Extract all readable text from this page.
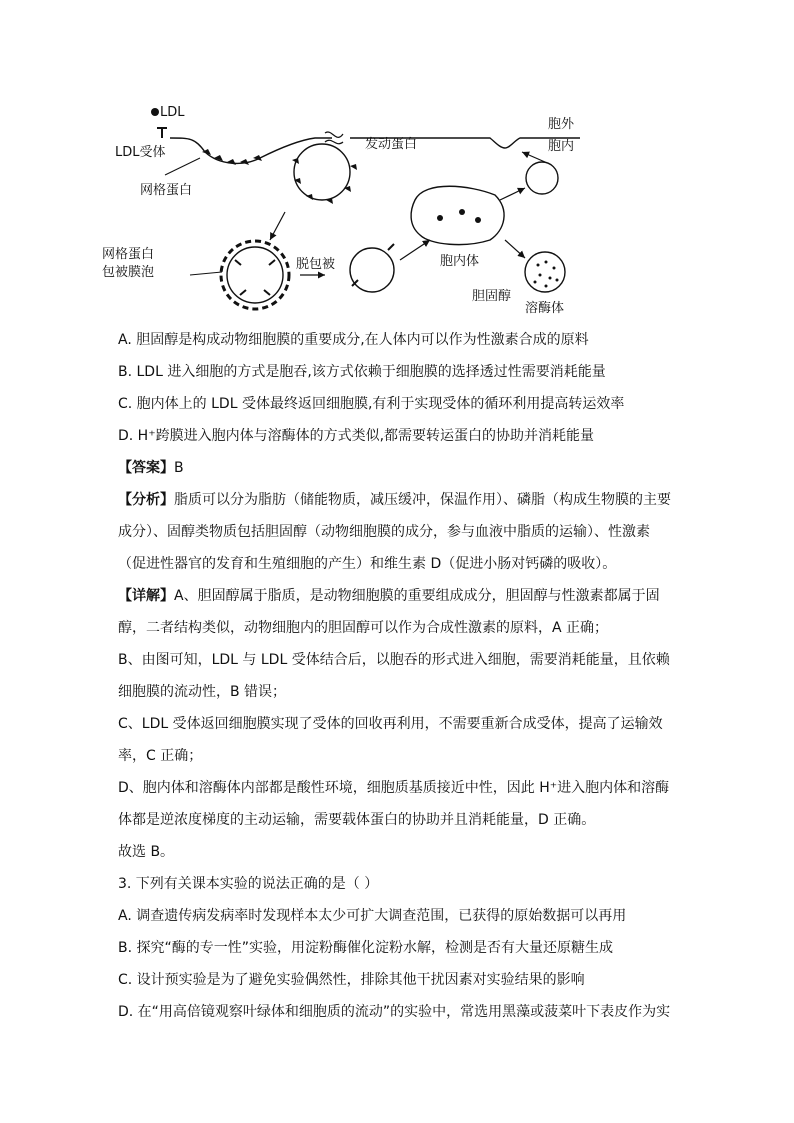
LDL
LDL受体
网格蛋白
发动蛋白
胞外
胞内
网格蛋白
包被膜泡
脱包被	胞内体
胆固醇
溶酶体
A. 胆固醇是构成动物细胞膜的重要成分,在人体内可以作为性激素合成的原料
B. LDL 进入细胞的方式是胞吞,该方式依赖于细胞膜的选择透过性需要消耗能量
C. 胞内体上的 LDL 受体最终返回细胞膜,有利于实现受体的循环利用提高转运效率
D. H⁺跨膜进入胞内体与溶酶体的方式类似,都需要转运蛋白的协助并消耗能量
【答案】B
【分析】脂质可以分为脂肪（储能物质，减压缓冲，保温作用）、磷脂（构成生物膜的主要
成分）、固醇类物质包括胆固醇（动物细胞膜的成分，参与血液中脂质的运输）、性激素
（促进性器官的发育和生殖细胞的产生）和维生素 D（促进小肠对钙磷的吸收）。
【详解】A、胆固醇属于脂质，是动物细胞膜的重要组成成分，胆固醇与性激素都属于固
醇，二者结构类似，动物细胞内的胆固醇可以作为合成性激素的原料，A 正确；
B、由图可知，LDL 与 LDL 受体结合后，以胞吞的形式进入细胞，需要消耗能量，且依赖
细胞膜的流动性，B 错误；
C、LDL 受体返回细胞膜实现了受体的回收再利用，不需要重新合成受体，提高了运输效
率，C 正确；
D、胞内体和溶酶体内部都是酸性环境，细胞质基质接近中性，因此 H⁺进入胞内体和溶酶
体都是逆浓度梯度的主动运输，需要载体蛋白的协助并且消耗能量，D 正确。
故选 B。
3. 下列有关课本实验的说法正确的是（ ）
A. 调查遗传病发病率时发现样本太少可扩大调查范围，已获得的原始数据可以再用
B. 探究“酶的专一性”实验，用淀粉酶催化淀粉水解，检测是否有大量还原糖生成
C. 设计预实验是为了避免实验偶然性，排除其他干扰因素对实验结果的影响
D. 在“用高倍镜观察叶绿体和细胞质的流动”的实验中，常选用黑藻或菠菜叶下表皮作为实
